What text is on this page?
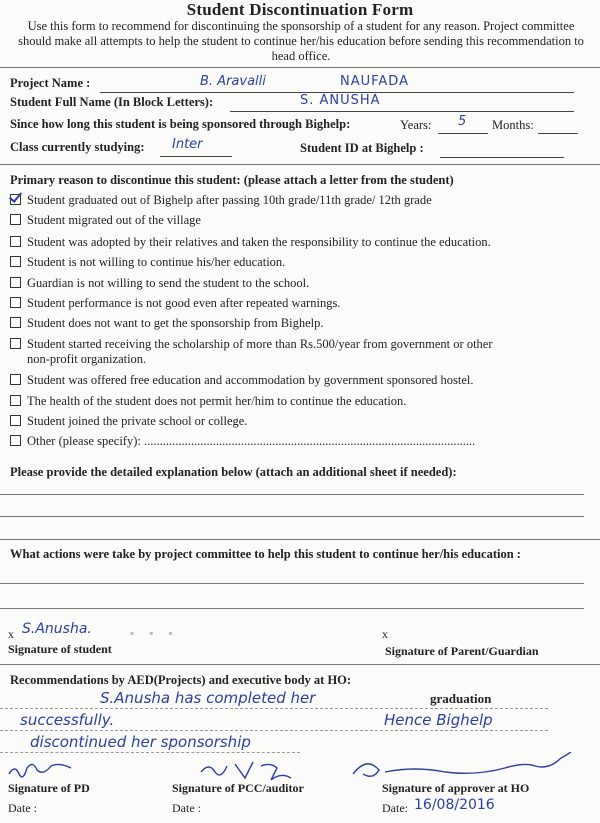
Student Discontinuation Form
Use this form to recommend for discontinuing the sponsorship of a student for any reason. Project committee should make all attempts to help the student to continue her/his education before sending this recommendation to head office.
Project Name :	B. Aravalli	NAUFADA
Student Full Name (In Block Letters):	S. ANUSHA
Since how long this student is being sponsored through Bighelp:	Years: 5 Months:
Class currently studying: Inter	Student ID at Bighelp :
Primary reason to discontinue this student: (please attach a letter from the student)
Student graduated out of Bighelp after passing 10th grade/11th grade/ 12th grade
Student migrated out of the village
Student was adopted by their relatives and taken the responsibility to continue the education.
Student is not willing to continue his/her education.
Guardian is not willing to send the student to the school.
Student performance is not good even after repeated warnings.
Student does not want to get the sponsorship from Bighelp.
Student started receiving the scholarship of more than Rs.500/year from government or other
non-profit organization.
Student was offered free education and accommodation by government sponsored hostel.
The health of the student does not permit her/him to continue the education.
Student joined the private school or college.
Other (please specify): ..........................................................................................................
Please provide the detailed explanation below (attach an additional sheet if needed):
What actions were take by project committee to help this student to continue her/his education :
x S.Anusha.	▪ ▪ ▪
Signature of student
x
Signature of Parent/Guardian
Recommendations by AED(Projects) and executive body at HO:
S.Anusha has completed her	graduation
successfully.	Hence Bighelp
discontinued her sponsorship
Signature of PD	Signature of PCC/auditor	Signature of approver at HO
Date :	Date :	Date: 16/08/2016
